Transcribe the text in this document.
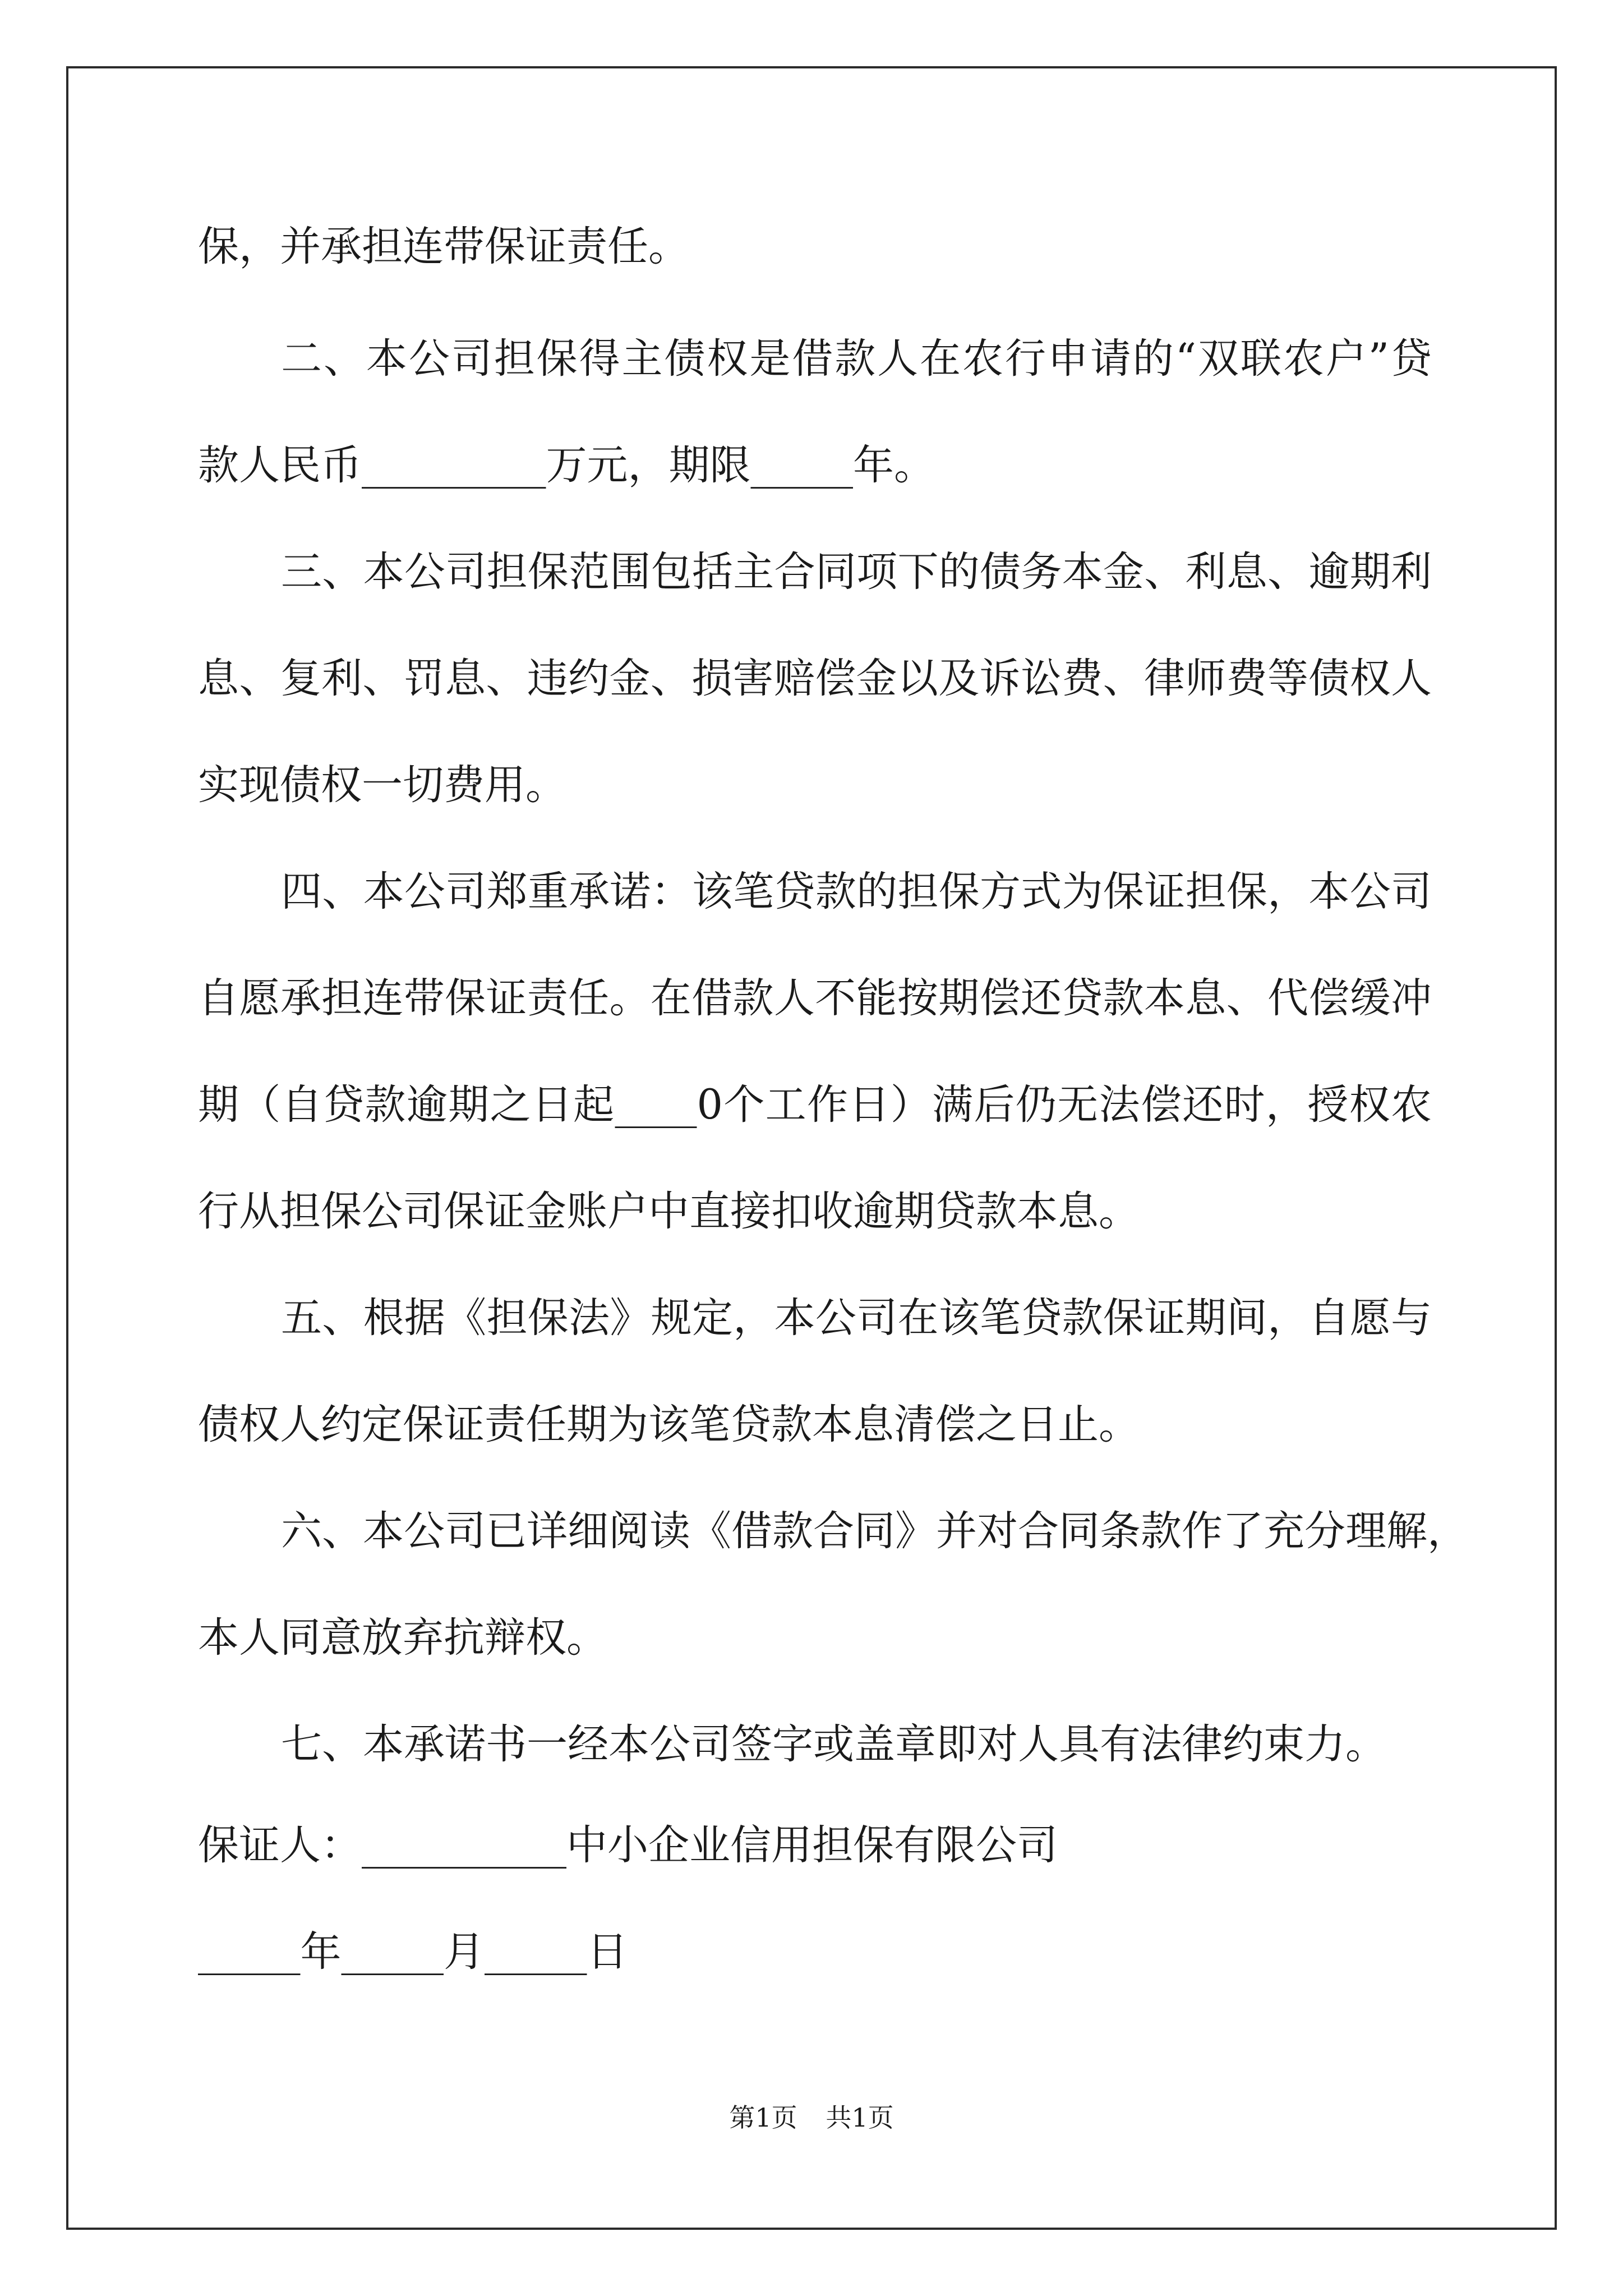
保，并承担连带保证责任。
二、本公司担保得主债权是借款人在农行申请的“双联农户”贷
款人民币_________万元，期限_____年。
三、本公司担保范围包括主合同项下的债务本金、利息、逾期利
息、复利、罚息、违约金、损害赔偿金以及诉讼费、律师费等债权人
实现债权一切费用。
四、本公司郑重承诺：该笔贷款的担保方式为保证担保，本公司
自愿承担连带保证责任。在借款人不能按期偿还贷款本息、代偿缓冲
期（自贷款逾期之日起____0个工作日）满后仍无法偿还时，授权农
行从担保公司保证金账户中直接扣收逾期贷款本息。
五、根据《担保法》规定，本公司在该笔贷款保证期间，自愿与
债权人约定保证责任期为该笔贷款本息清偿之日止。
六、本公司已详细阅读《借款合同》并对合同条款作了充分理解，
本人同意放弃抗辩权。
七、本承诺书一经本公司签字或盖章即对人具有法律约束力。
保证人：__________中小企业信用担保有限公司
_____年_____月_____日
第1页 共1页
